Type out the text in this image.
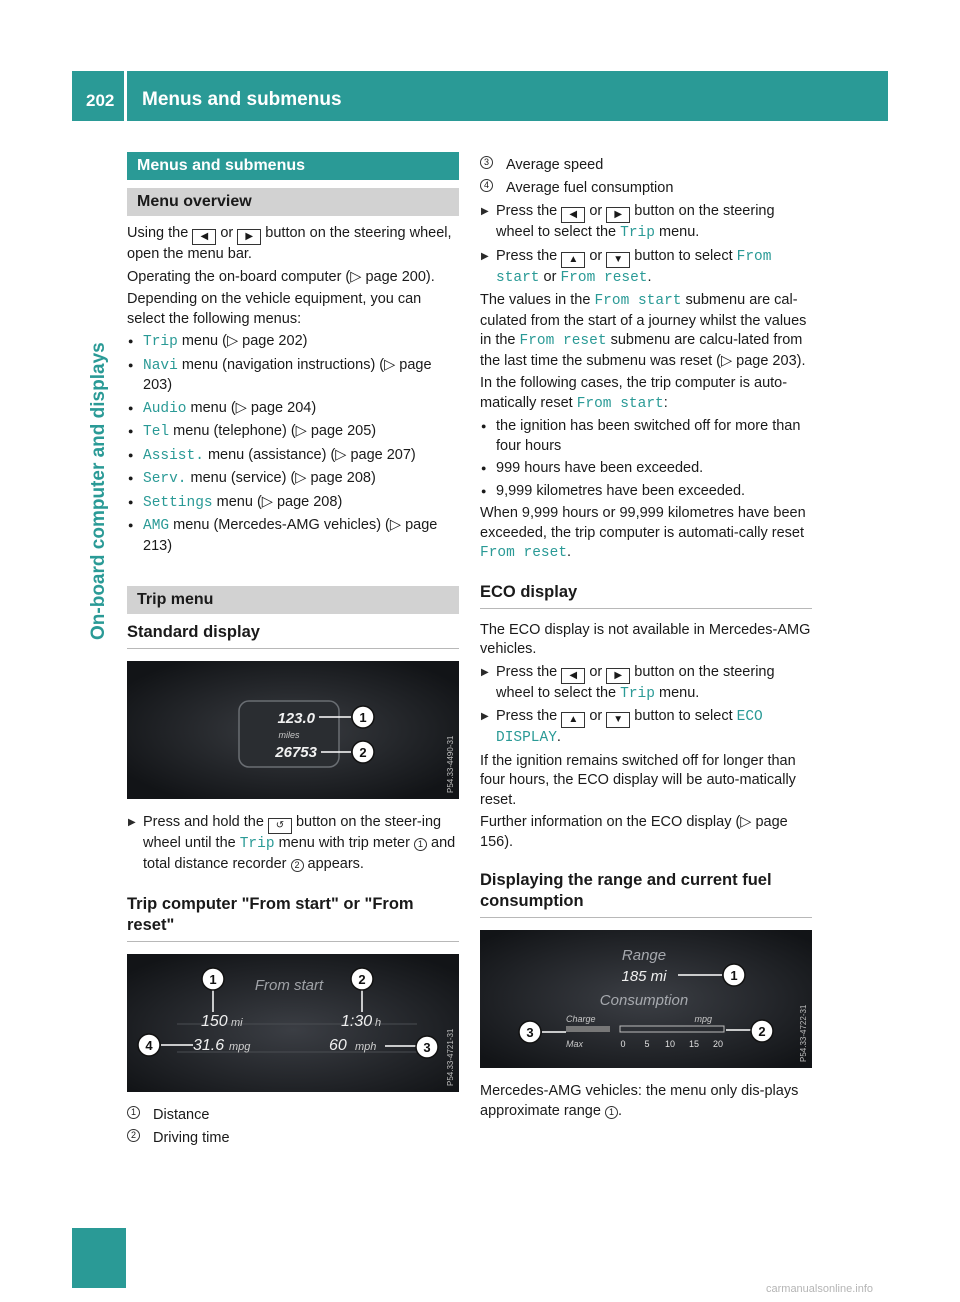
202 Menus and submenus
On-board computer and displays
Menus and submenus
Menu overview

Using the ◀ or ▶ button on the steering wheel, open the menu bar.

Operating the on-board computer (▷ page 200).

Depending on the vehicle equipment, you can select the following menus:

● Trip menu (▷ page 202)
● Navi menu (navigation instructions) (▷ page 203)
● Audio menu (▷ page 204)
● Tel menu (telephone) (▷ page 205)
● Assist. menu (assistance) (▷ page 207)
● Serv. menu (service) (▷ page 208)
● Settings menu (▷ page 208)
● AMG menu (Mercedes-AMG vehicles) (▷ page 213)
Trip menu
Standard display
123.0
miles
26753
1
2	P54.33-4490-31
▶ Press and hold the ↺ button on the steer-ing wheel until the Trip menu with trip meter 1 and total distance recorder 2 appears.
Trip computer "From start" or "From reset"
From start
150 mi	1:30 h
31.6 mpg	60 mph
1	2
3
4	P54.33-4721-31
1 Distance
2 Driving time
3 Average speed
4 Average fuel consumption
▶ Press the ◀ or ▶ button on the steering wheel to select the Trip menu.
▶ Press the ▲ or ▼ button to select From start or From reset.

The values in the From start submenu are cal-culated from the start of a journey whilst the values in the From reset submenu are calcu-lated from the last time the submenu was reset (▷ page 203).

In the following cases, the trip computer is auto-matically reset From start:

● the ignition has been switched off for more than four hours
● 999 hours have been exceeded.
● 9,999 kilometres have been exceeded.

When 9,999 hours or 99,999 kilometres have been exceeded, the trip computer is automati-cally reset From reset.

ECO display

The ECO display is not available in Mercedes-AMG vehicles.

▶ Press the ◀ or ▶ button on the steering wheel to select the Trip menu.
▶ Press the ▲ or ▼ button to select ECO DISPLAY.

If the ignition remains switched off for longer than four hours, the ECO display will be auto-matically reset.

Further information on the ECO display (▷ page 156).

Displaying the range and current fuel consumption
Range
185 mi
Consumption
Charge
Max
mpg
0 5 10 15 20
1
2
3	P54.33-4722-31

Mercedes-AMG vehicles: the menu only dis-plays approximate range 1 .

carmanualsonline.info
